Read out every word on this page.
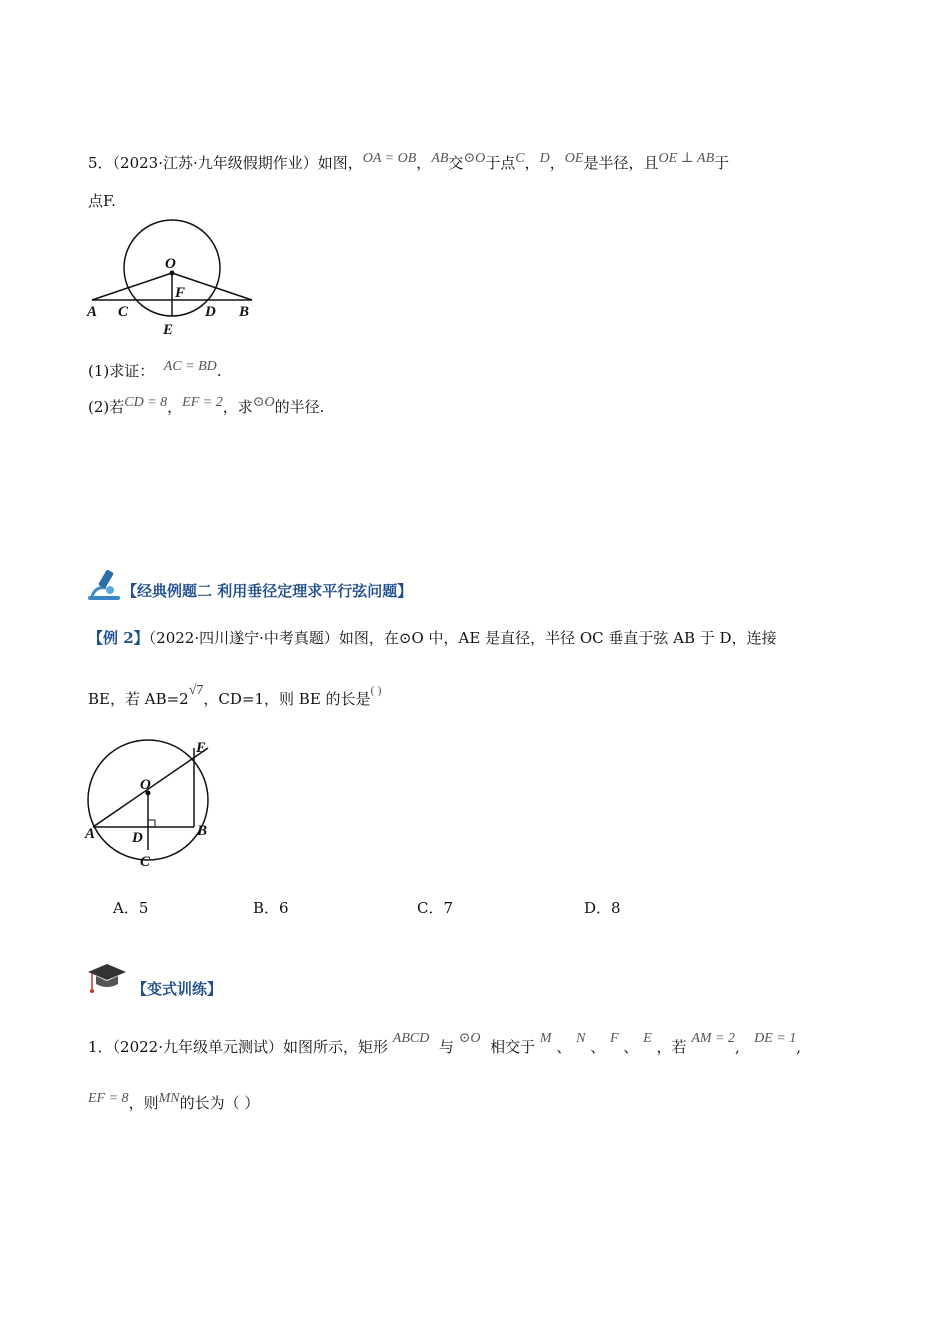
5．（2023·江苏·九年级假期作业）如图，OA = OB，AB交⊙O于点C，D，OE是半径，且OE ⊥ AB于
点F.
O
F
A C
E
D B
(1)求证： AC = BD.
(2)若CD = 8，EF = 2，求⊙O的半径.
【经典例题二 利用垂径定理求平行弦问题】
【例 2】（2022·四川遂宁·中考真题）如图，在⊙O 中，AE 是直径，半径 OC 垂直于弦 AB 于 D，连接
BE，若 AB=2√7，CD=1，则 BE 的长是( )
E
O
A D	B
C
A．5	B．6	C．7	D．8
【变式训练】
1．（2022·九年级单元测试）如图所示，矩形 ABCD 与 ⊙O 相交于 M 、 N 、 F 、 E ，若 AM = 2, DE = 1,
EF = 8，则MN的长为（ ）
